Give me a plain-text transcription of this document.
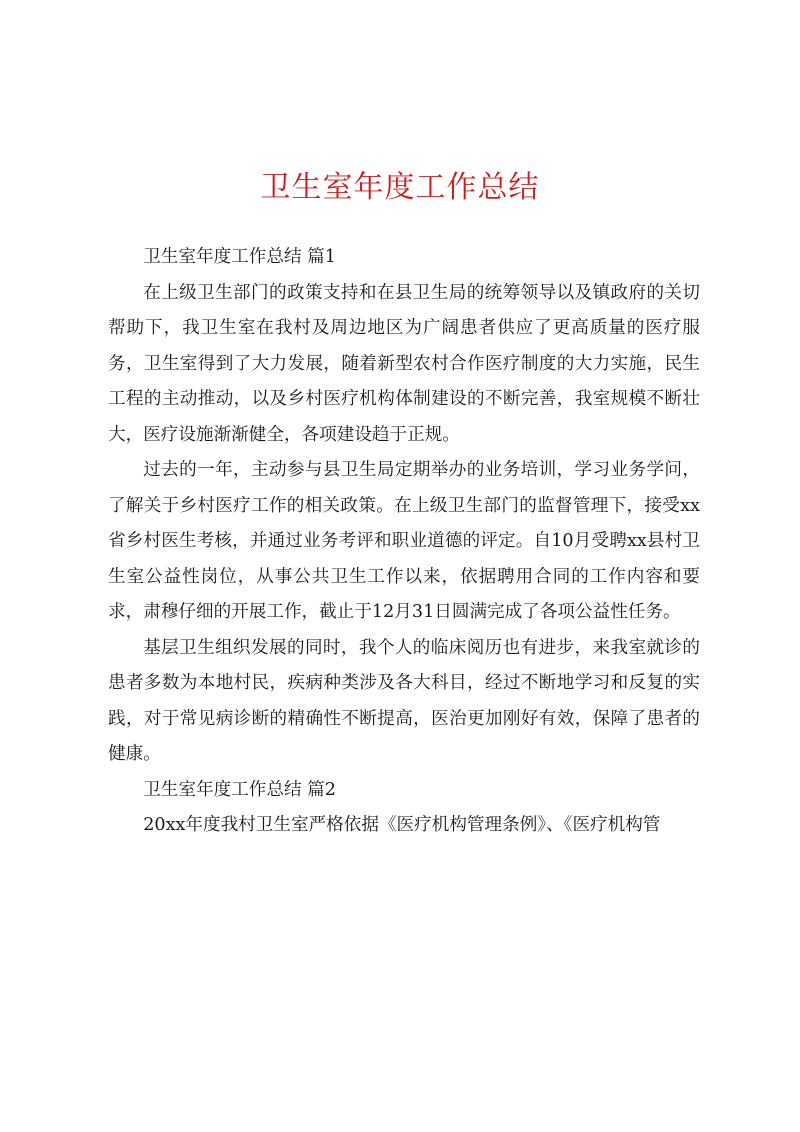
卫生室年度工作总结

卫生室年度工作总结 篇1

在上级卫生部门的政策支持和在县卫生局的统筹领导以及镇政府的关切帮助下，我卫生室在我村及周边地区为广阔患者供应了更高质量的医疗服务，卫生室得到了大力发展，随着新型农村合作医疗制度的大力实施，民生工程的主动推动，以及乡村医疗机构体制建设的不断完善，我室规模不断壮大，医疗设施渐渐健全，各项建设趋于正规。

过去的一年，主动参与县卫生局定期举办的业务培训，学习业务学问，了解关于乡村医疗工作的相关政策。在上级卫生部门的监督管理下，接受xx省乡村医生考核，并通过业务考评和职业道德的评定。自10月受聘xx县村卫生室公益性岗位，从事公共卫生工作以来，依据聘用合同的工作内容和要求，肃穆仔细的开展工作，截止于12月31日圆满完成了各项公益性任务。

基层卫生组织发展的同时，我个人的临床阅历也有进步，来我室就诊的患者多数为本地村民，疾病种类涉及各大科目，经过不断地学习和反复的实践，对于常见病诊断的精确性不断提高，医治更加刚好有效，保障了患者的健康。

卫生室年度工作总结 篇2

20xx年度我村卫生室严格依据《医疗机构管理条例》、《医疗机构管
